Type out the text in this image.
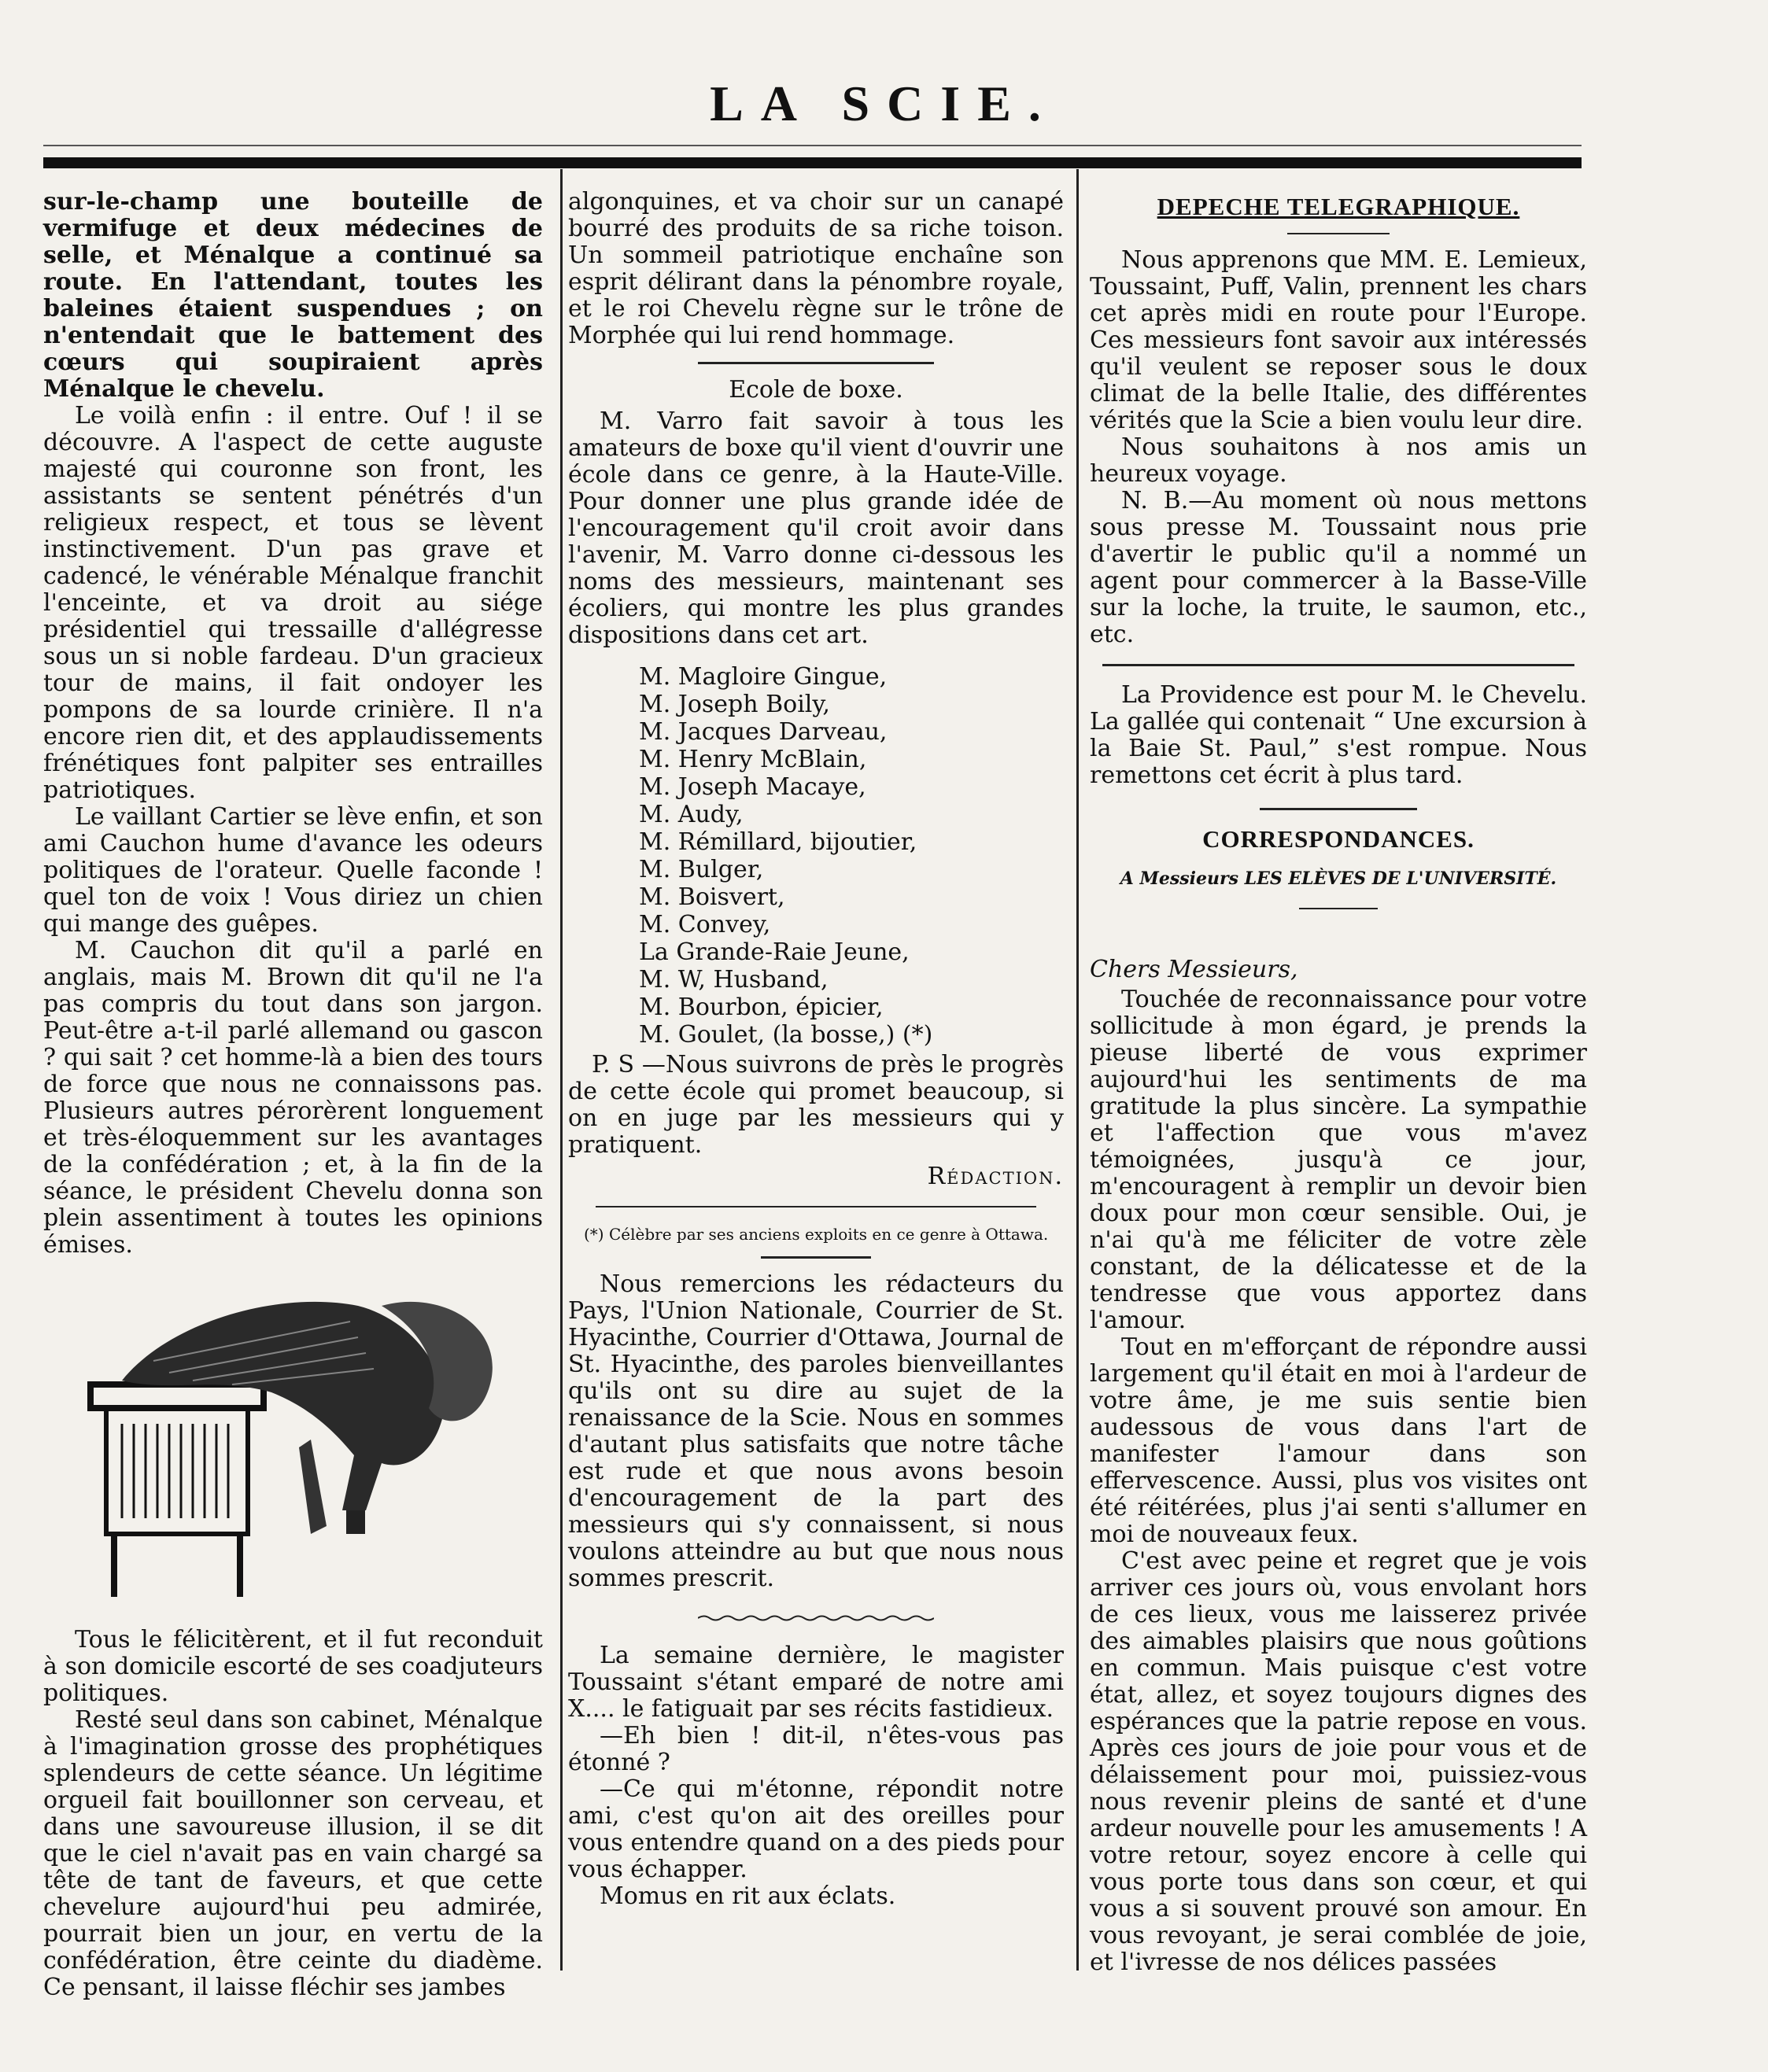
LA SCIE.

sur-le-champ une bouteille de vermifuge et deux médecines de selle, et Ménalque a continué sa route. En l'attendant, toutes les baleines étaient suspendues ; on n'entendait que le battement des cœurs qui soupiraient après Ménalque le chevelu.

Le voilà enfin : il entre. Ouf ! il se découvre. A l'aspect de cette auguste majesté qui couronne son front, les assistants se sentent pénétrés d'un religieux respect, et tous se lèvent instinctivement. D'un pas grave et cadencé, le vénérable Ménalque franchit l'enceinte, et va droit au siége présidentiel qui tressaille d'allégresse sous un si noble fardeau. D'un gracieux tour de mains, il fait ondoyer les pompons de sa lourde crinière. Il n'a encore rien dit, et des applaudissements frénétiques font palpiter ses entrailles patriotiques.

Le vaillant Cartier se lève enfin, et son ami Cauchon hume d'avance les odeurs politiques de l'orateur. Quelle faconde ! quel ton de voix ! Vous diriez un chien qui mange des guêpes.

M. Cauchon dit qu'il a parlé en anglais, mais M. Brown dit qu'il ne l'a pas compris du tout dans son jargon. Peut-être a-t-il parlé allemand ou gascon ? qui sait ? cet homme-là a bien des tours de force que nous ne connaissons pas. Plusieurs autres pérorèrent longuement et très-éloquemment sur les avantages de la confédération ; et, à la fin de la séance, le président Chevelu donna son plein assentiment à toutes les opinions émises.

Tous le félicitèrent, et il fut reconduit à son domicile escorté de ses coadjuteurs politiques.

Resté seul dans son cabinet, Ménalque à l'imagination grosse des prophétiques splendeurs de cette séance. Un légitime orgueil fait bouillonner son cerveau, et dans une savoureuse illusion, il se dit que le ciel n'avait pas en vain chargé sa tête de tant de faveurs, et que cette chevelure aujourd'hui peu admirée, pourrait bien un jour, en vertu de la confédération, être ceinte du diadème. Ce pensant, il laisse fléchir ses jambes

algonquines, et va choir sur un canapé bourré des produits de sa riche toison. Un sommeil patriotique enchaîne son esprit délirant dans la pénombre royale, et le roi Chevelu règne sur le trône de Morphée qui lui rend hommage.

Ecole de boxe.

M. Varro fait savoir à tous les amateurs de boxe qu'il vient d'ouvrir une école dans ce genre, à la Haute-Ville. Pour donner une plus grande idée de l'encouragement qu'il croit avoir dans l'avenir, M. Varro donne ci-dessous les noms des messieurs, maintenant ses écoliers, qui montre les plus grandes dispositions dans cet art.

M. Magloire Gingue,
M. Joseph Boily,
M. Jacques Darveau,
M. Henry McBlain,
M. Joseph Macaye,
M. Audy,
M. Rémillard, bijoutier,
M. Bulger,
M. Boisvert,
M. Convey,
La Grande-Raie Jeune,
M. W, Husband,
M. Bourbon, épicier,
M. Goulet, (la bosse,) (*)

P. S —Nous suivrons de près le progrès de cette école qui promet beaucoup, si on en juge par les messieurs qui y pratiquent.

Rédaction.

(*) Célèbre par ses anciens exploits en ce genre à Ottawa.

Nous remercions les rédacteurs du Pays, l'Union Nationale, Courrier de St. Hyacinthe, Courrier d'Ottawa, Journal de St. Hyacinthe, des paroles bienveillantes qu'ils ont su dire au sujet de la renaissance de la Scie. Nous en sommes d'autant plus satisfaits que notre tâche est rude et que nous avons besoin d'encouragement de la part des messieurs qui s'y connaissent, si nous voulons atteindre au but que nous nous sommes prescrit.

La semaine dernière, le magister Toussaint s'étant emparé de notre ami X.... le fatiguait par ses récits fastidieux.

—Eh bien ! dit-il, n'êtes-vous pas étonné ?

—Ce qui m'étonne, répondit notre ami, c'est qu'on ait des oreilles pour vous entendre quand on a des pieds pour vous échapper.

Momus en rit aux éclats.

DEPECHE TELEGRAPHIQUE.

Nous apprenons que MM. E. Lemieux, Toussaint, Puff, Valin, prennent les chars cet après midi en route pour l'Europe. Ces messieurs font savoir aux intéressés qu'il veulent se reposer sous le doux climat de la belle Italie, des différentes vérités que la Scie a bien voulu leur dire.

Nous souhaitons à nos amis un heureux voyage.

N. B.—Au moment où nous mettons sous presse M. Toussaint nous prie d'avertir le public qu'il a nommé un agent pour commercer à la Basse-Ville sur la loche, la truite, le saumon, etc., etc.

La Providence est pour M. le Chevelu. La gallée qui contenait “ Une excursion à la Baie St. Paul,” s'est rompue. Nous remettons cet écrit à plus tard.

CORRESPONDANCES.
A Messieurs LES ELÈVES DE L'UNIVERSITÉ.
Chers Messieurs,

Touchée de reconnaissance pour votre sollicitude à mon égard, je prends la pieuse liberté de vous exprimer aujourd'hui les sentiments de ma gratitude la plus sincère. La sympathie et l'affection que vous m'avez témoignées, jusqu'à ce jour, m'encouragent à remplir un devoir bien doux pour mon cœur sensible. Oui, je n'ai qu'à me féliciter de votre zèle constant, de la délicatesse et de la tendresse que vous apportez dans l'amour.

Tout en m'efforçant de répondre aussi largement qu'il était en moi à l'ardeur de votre âme, je me suis sentie bien audessous de vous dans l'art de manifester l'amour dans son effervescence. Aussi, plus vos visites ont été réitérées, plus j'ai senti s'allumer en moi de nouveaux feux.

C'est avec peine et regret que je vois arriver ces jours où, vous envolant hors de ces lieux, vous me laisserez privée des aimables plaisirs que nous goûtions en commun. Mais puisque c'est votre état, allez, et soyez toujours dignes des espérances que la patrie repose en vous. Après ces jours de joie pour vous et de délaissement pour moi, puissiez-vous nous revenir pleins de santé et d'une ardeur nouvelle pour les amusements ! A votre retour, soyez encore à celle qui vous porte tous dans son cœur, et qui vous a si souvent prouvé son amour. En vous revoyant, je serai comblée de joie, et l'ivresse de nos délices passées
